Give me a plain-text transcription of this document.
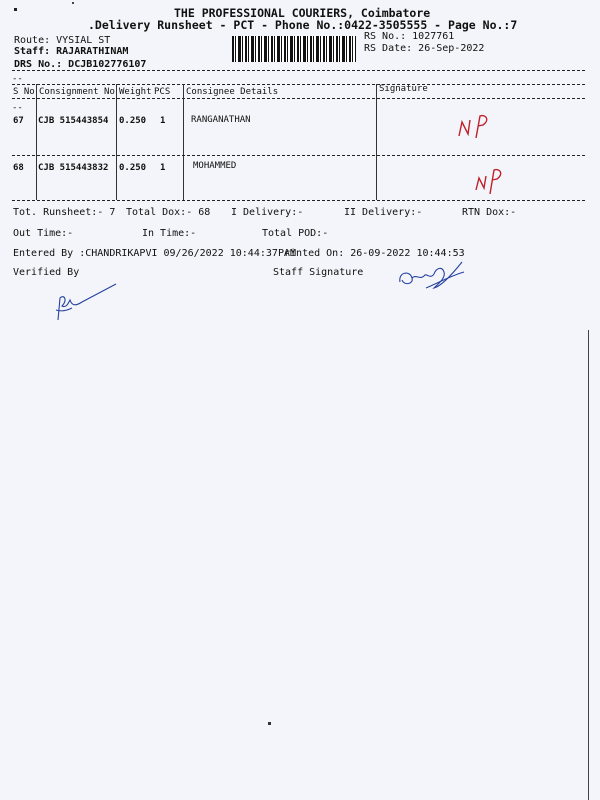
THE PROFESSIONAL COURIERS, Coimbatore
.Delivery Runsheet - PCT - Phone No.:0422-3505555 - Page No.:7
Route: VYSIAL ST
Staff: RAJARATHINAM
DRS No.: DCJB102776107
RS No.: 1027761
RS Date: 26-Sep-2022
--
S No Consignment No Weight PCS Consignee Details	Signature
--
67 CJB 515443854 0.250 1	RANGANATHAN
NP
68 CJB 515443832 0.250 1	MOHAMMED
NP
Tot. Runsheet:- 7 Total Dox:- 68 I Delivery:-	II Delivery:-	RTN Dox:-
Out Time:-	In Time:-	Total POD:-
Entered By :CHANDRIKAPVI 09/26/2022 10:44:37 AM
Printed On: 26-09-2022 10:44:53
Verified By	Staff Signature
